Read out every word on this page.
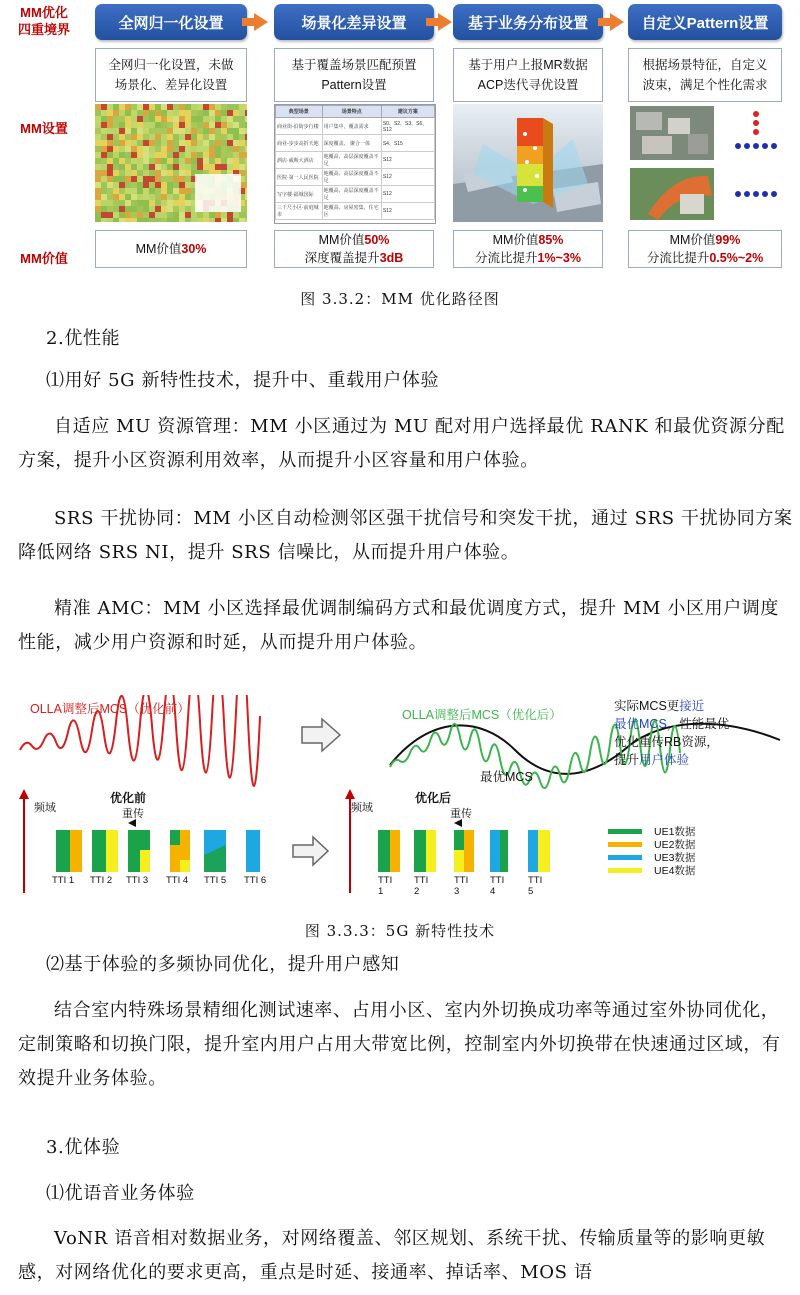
MM优化
四重境界
MM设置
MM价值
全网归一化设置	场景化差异设置	基于业务分布设置	自定义Pattern设置
全网归一化设置，未做场景化、差异化设置
基于覆盖场景匹配预置Pattern设置
基于用户上报MR数据ACP迭代寻优设置
根据场景特征，自定义波束，满足个性化需求
典型场景	场景特点	建议方案
商业街-沿街步行楼	用户集中，覆盖需求	S0、S2、S3、S6、S12
商业-步步高折天地	深度覆盖、 聚合一体	S4、S15
酒店·威斯大酒店	地覆高、高层深度覆盖不足	S12
医院·第一人民医院	地覆高、高层深度覆盖不足	S12
写字楼·福城国际	地覆高、高层深度覆盖不足	S12
三千尺小区·前庭城市	地覆高、房屋密集、住宅区	S12
MM价值30%
MM价值50%
深度覆盖提升3dB
MM价值85%
分流比提升1%~3%
MM价值99%
分流比提升0.5%~2%
图 3.3.2：MM 优化路径图
2.优性能
⑴用好 5G 新特性技术，提升中、重载用户体验
自适应 MU 资源管理：MM 小区通过为 MU 配对用户选择最优 RANK 和最优资源分配方案，提升小区资源利用效率，从而提升小区容量和用户体验。
SRS 干扰协同：MM 小区自动检测邻区强干扰信号和突发干扰，通过 SRS 干扰协同方案降低网络 SRS NI，提升 SRS 信噪比，从而提升用户体验。
精准 AMC：MM 小区选择最优调制编码方式和最优调度方式，提升 MM 小区用户调度性能，减少用户资源和时延，从而提升用户体验。
OLLA调整后MCS（优化前）	OLLA调整后MCS（优化后）
最优MCS
实际MCS更接近
最优MCS，性能最优
优化重传RB资源，
提升用户体验
优化前	优化后
频域	频域
重传	重传
TTI 1 TTI 2 TTI 3 TTI 4 TTI 5 TTI 6	TTI
1
TTI
2
TTI
3
TTI
4
TTI
5
UE1数据
UE2数据
UE3数据
UE4数据
图 3.3.3：5G 新特性技术
⑵基于体验的多频协同优化，提升用户感知
结合室内特殊场景精细化测试速率、占用小区、室内外切换成功率等通过室外协同优化，定制策略和切换门限，提升室内用户占用大带宽比例，控制室内外切换带在快速通过区域，有效提升业务体验。
3.优体验
⑴优语音业务体验
VoNR 语音相对数据业务，对网络覆盖、邻区规划、系统干扰、传输质量等的影响更敏感，对网络优化的要求更高，重点是时延、接通率、掉话率、MOS 语
